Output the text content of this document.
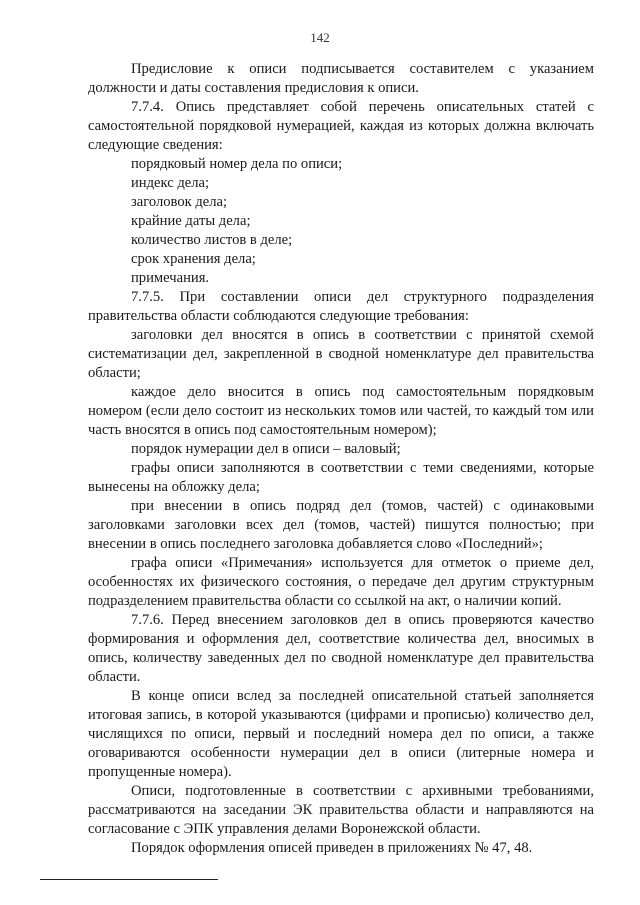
142

Предисловие к описи подписывается составителем с указанием должности и даты составления предисловия к описи.

7.7.4. Опись представляет собой перечень описательных статей с самостоятельной порядковой нумерацией, каждая из которых должна включать следующие сведения:

порядковый номер дела по описи;

индекс дела;

заголовок дела;

крайние даты дела;

количество листов в деле;

срок хранения дела;

примечания.

7.7.5. При составлении описи дел структурного подразделения правительства области соблюдаются следующие требования:

заголовки дел вносятся в опись в соответствии с принятой схемой систематизации дел, закрепленной в сводной номенклатуре дел правительства области;

каждое дело вносится в опись под самостоятельным порядковым номером (если дело состоит из нескольких томов или частей, то каждый том или часть вносятся в опись под самостоятельным номером);

порядок нумерации дел в описи – валовый;

графы описи заполняются в соответствии с теми сведениями, которые вынесены на обложку дела;

при внесении в опись подряд дел (томов, частей) с одинаковыми заголовками заголовки всех дел (томов, частей) пишутся полностью; при внесении в опись последнего заголовка добавляется слово «Последний»;

графа описи «Примечания» используется для отметок о приеме дел, особенностях их физического состояния, о передаче дел другим структурным подразделением правительства области со ссылкой на акт, о наличии копий.

7.7.6. Перед внесением заголовков дел в опись проверяются качество формирования и оформления дел, соответствие количества дел, вносимых в опись, количеству заведенных дел по сводной номенклатуре дел правительства области.

В конце описи вслед за последней описательной статьей заполняется итоговая запись, в которой указываются (цифрами и прописью) количество дел, числящихся по описи, первый и последний номера дел по описи, а также оговариваются особенности нумерации дел в описи (литерные номера и пропущенные номера).

Описи, подготовленные в соответствии с архивными требованиями, рассматриваются на заседании ЭК правительства области и направляются на согласование с ЭПК управления делами Воронежской области.

Порядок оформления описей приведен в приложениях № 47, 48.
